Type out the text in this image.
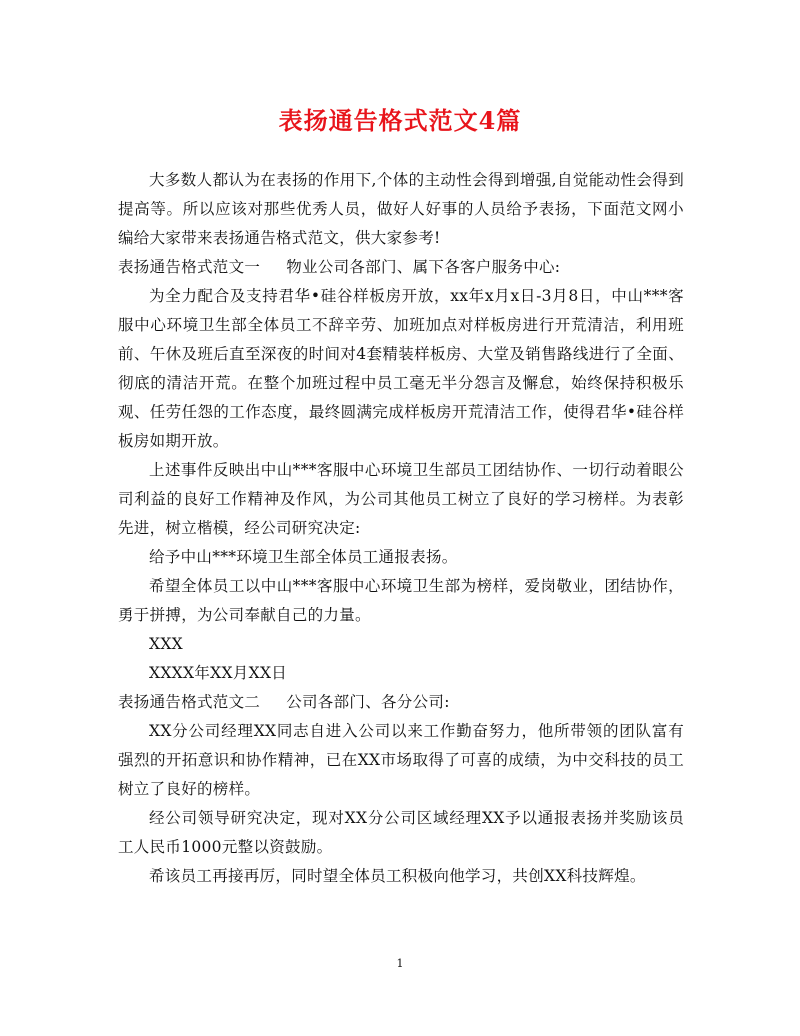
表扬通告格式范文4篇

大多数人都认为在表扬的作用下,个体的主动性会得到增强,自觉能动性会得到提高等。所以应该对那些优秀人员，做好人好事的人员给予表扬，下面范文网小编给大家带来表扬通告格式范文，供大家参考!

表扬通告格式范文一 物业公司各部门、属下各客户服务中心:

为全力配合及支持君华•硅谷样板房开放，xx年x月x日-3月8日，中山***客服中心环境卫生部全体员工不辞辛劳、加班加点对样板房进行开荒清洁，利用班前、午休及班后直至深夜的时间对4套精装样板房、大堂及销售路线进行了全面、彻底的清洁开荒。在整个加班过程中员工毫无半分怨言及懈怠，始终保持积极乐观、任劳任怨的工作态度，最终圆满完成样板房开荒清洁工作，使得君华•硅谷样板房如期开放。

上述事件反映出中山***客服中心环境卫生部员工团结协作、一切行动着眼公司利益的良好工作精神及作风，为公司其他员工树立了良好的学习榜样。为表彰先进，树立楷模，经公司研究决定:

给予中山***环境卫生部全体员工通报表扬。

希望全体员工以中山***客服中心环境卫生部为榜样，爱岗敬业，团结协作，勇于拼搏，为公司奉献自己的力量。

XXX

XXXX年XX月XX日

表扬通告格式范文二 公司各部门、各分公司:

XX分公司经理XX同志自进入公司以来工作勤奋努力，他所带领的团队富有强烈的开拓意识和协作精神，已在XX市场取得了可喜的成绩，为中交科技的员工树立了良好的榜样。

经公司领导研究决定，现对XX分公司区域经理XX予以通报表扬并奖励该员工人民币1000元整以资鼓励。

希该员工再接再厉，同时望全体员工积极向他学习，共创XX科技辉煌。

1
